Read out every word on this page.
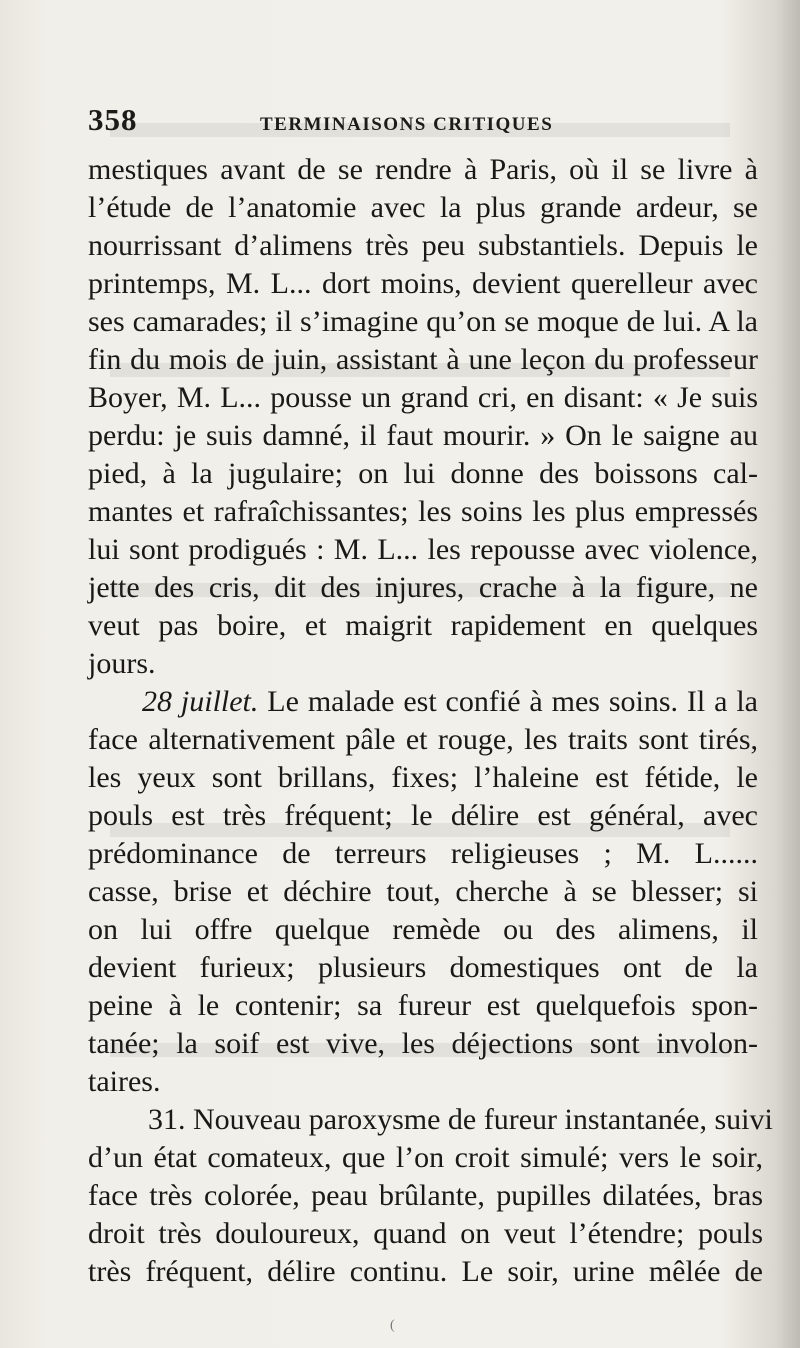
358	TERMINAISONS CRITIQUES
mestiques avant de se rendre à Paris, où il se livre à
l’étude de l’anatomie avec la plus grande ardeur, se
nourrissant d’alimens très peu substantiels. Depuis le
printemps, M. L... dort moins, devient querelleur avec
ses camarades; il s’imagine qu’on se moque de lui. A la
fin du mois de juin, assistant à une leçon du professeur
Boyer, M. L... pousse un grand cri, en disant: « Je suis
perdu: je suis damné, il faut mourir. » On le saigne au
pied, à la jugulaire; on lui donne des boissons cal-
mantes et rafraîchissantes; les soins les plus empressés
lui sont prodigués : M. L... les repousse avec violence,
jette des cris, dit des injures, crache à la figure, ne
veut pas boire, et maigrit rapidement en quelques
jours.
28 juillet. Le malade est confié à mes soins. Il a la
face alternativement pâle et rouge, les traits sont tirés,
les yeux sont brillans, fixes; l’haleine est fétide, le
pouls est très fréquent; le délire est général, avec
prédominance de terreurs religieuses ; M. L......
casse, brise et déchire tout, cherche à se blesser; si
on lui offre quelque remède ou des alimens, il
devient furieux; plusieurs domestiques ont de la
peine à le contenir; sa fureur est quelquefois spon-
tanée; la soif est vive, les déjections sont involon-
taires.
31. Nouveau paroxysme de fureur instantanée, suivi
d’un état comateux, que l’on croit simulé; vers le soir,
face très colorée, peau brûlante, pupilles dilatées, bras
droit très douloureux, quand on veut l’étendre; pouls
très fréquent, délire continu. Le soir, urine mêlée de
(
